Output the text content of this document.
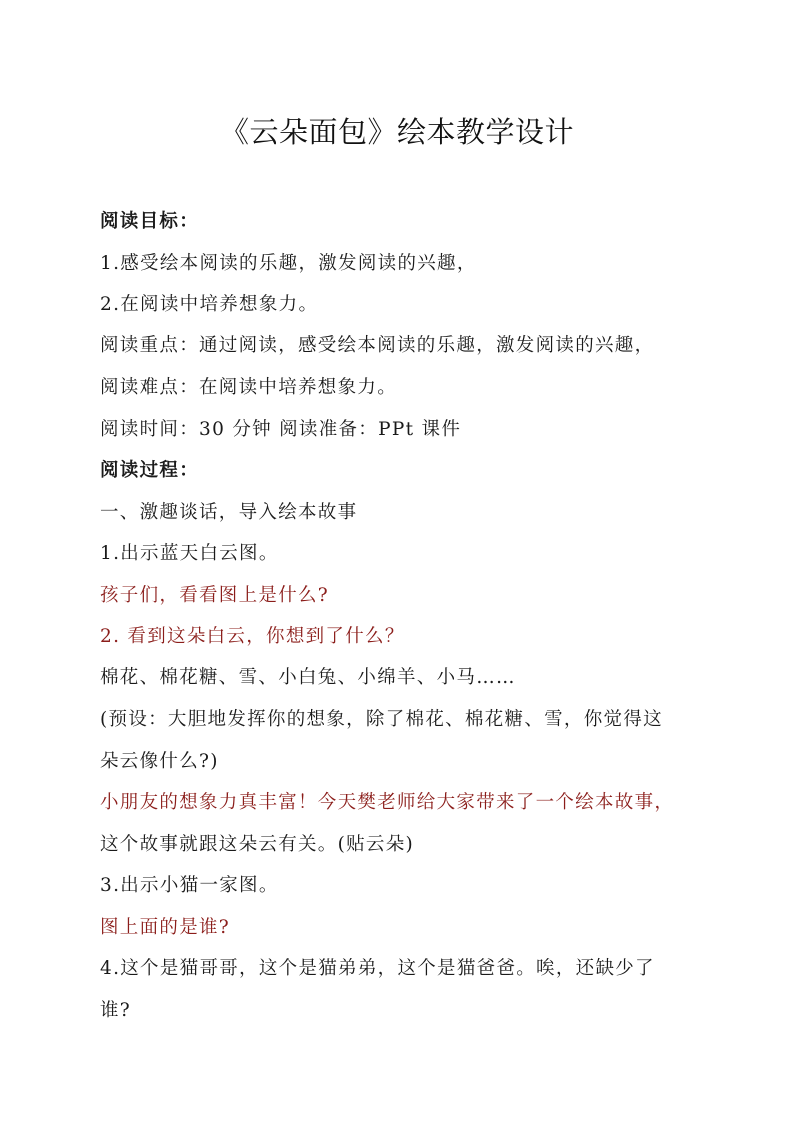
《云朵面包》绘本教学设计
阅读目标：
1.感受绘本阅读的乐趣，激发阅读的兴趣，
2.在阅读中培养想象力。
阅读重点：通过阅读，感受绘本阅读的乐趣，激发阅读的兴趣，
阅读难点：在阅读中培养想象力。
阅读时间：30 分钟 阅读准备：PPt 课件
阅读过程：
一、激趣谈话，导入绘本故事
1.出示蓝天白云图。
孩子们，看看图上是什么?
2. 看到这朵白云，你想到了什么？
棉花、棉花糖、雪、小白兔、小绵羊、小马……
(预设：大胆地发挥你的想象，除了棉花、棉花糖、雪，你觉得这
朵云像什么?)
小朋友的想象力真丰富！今天樊老师给大家带来了一个绘本故事，
这个故事就跟这朵云有关。(贴云朵)
3.出示小猫一家图。
图上面的是谁?
4.这个是猫哥哥，这个是猫弟弟，这个是猫爸爸。唉，还缺少了
谁?
